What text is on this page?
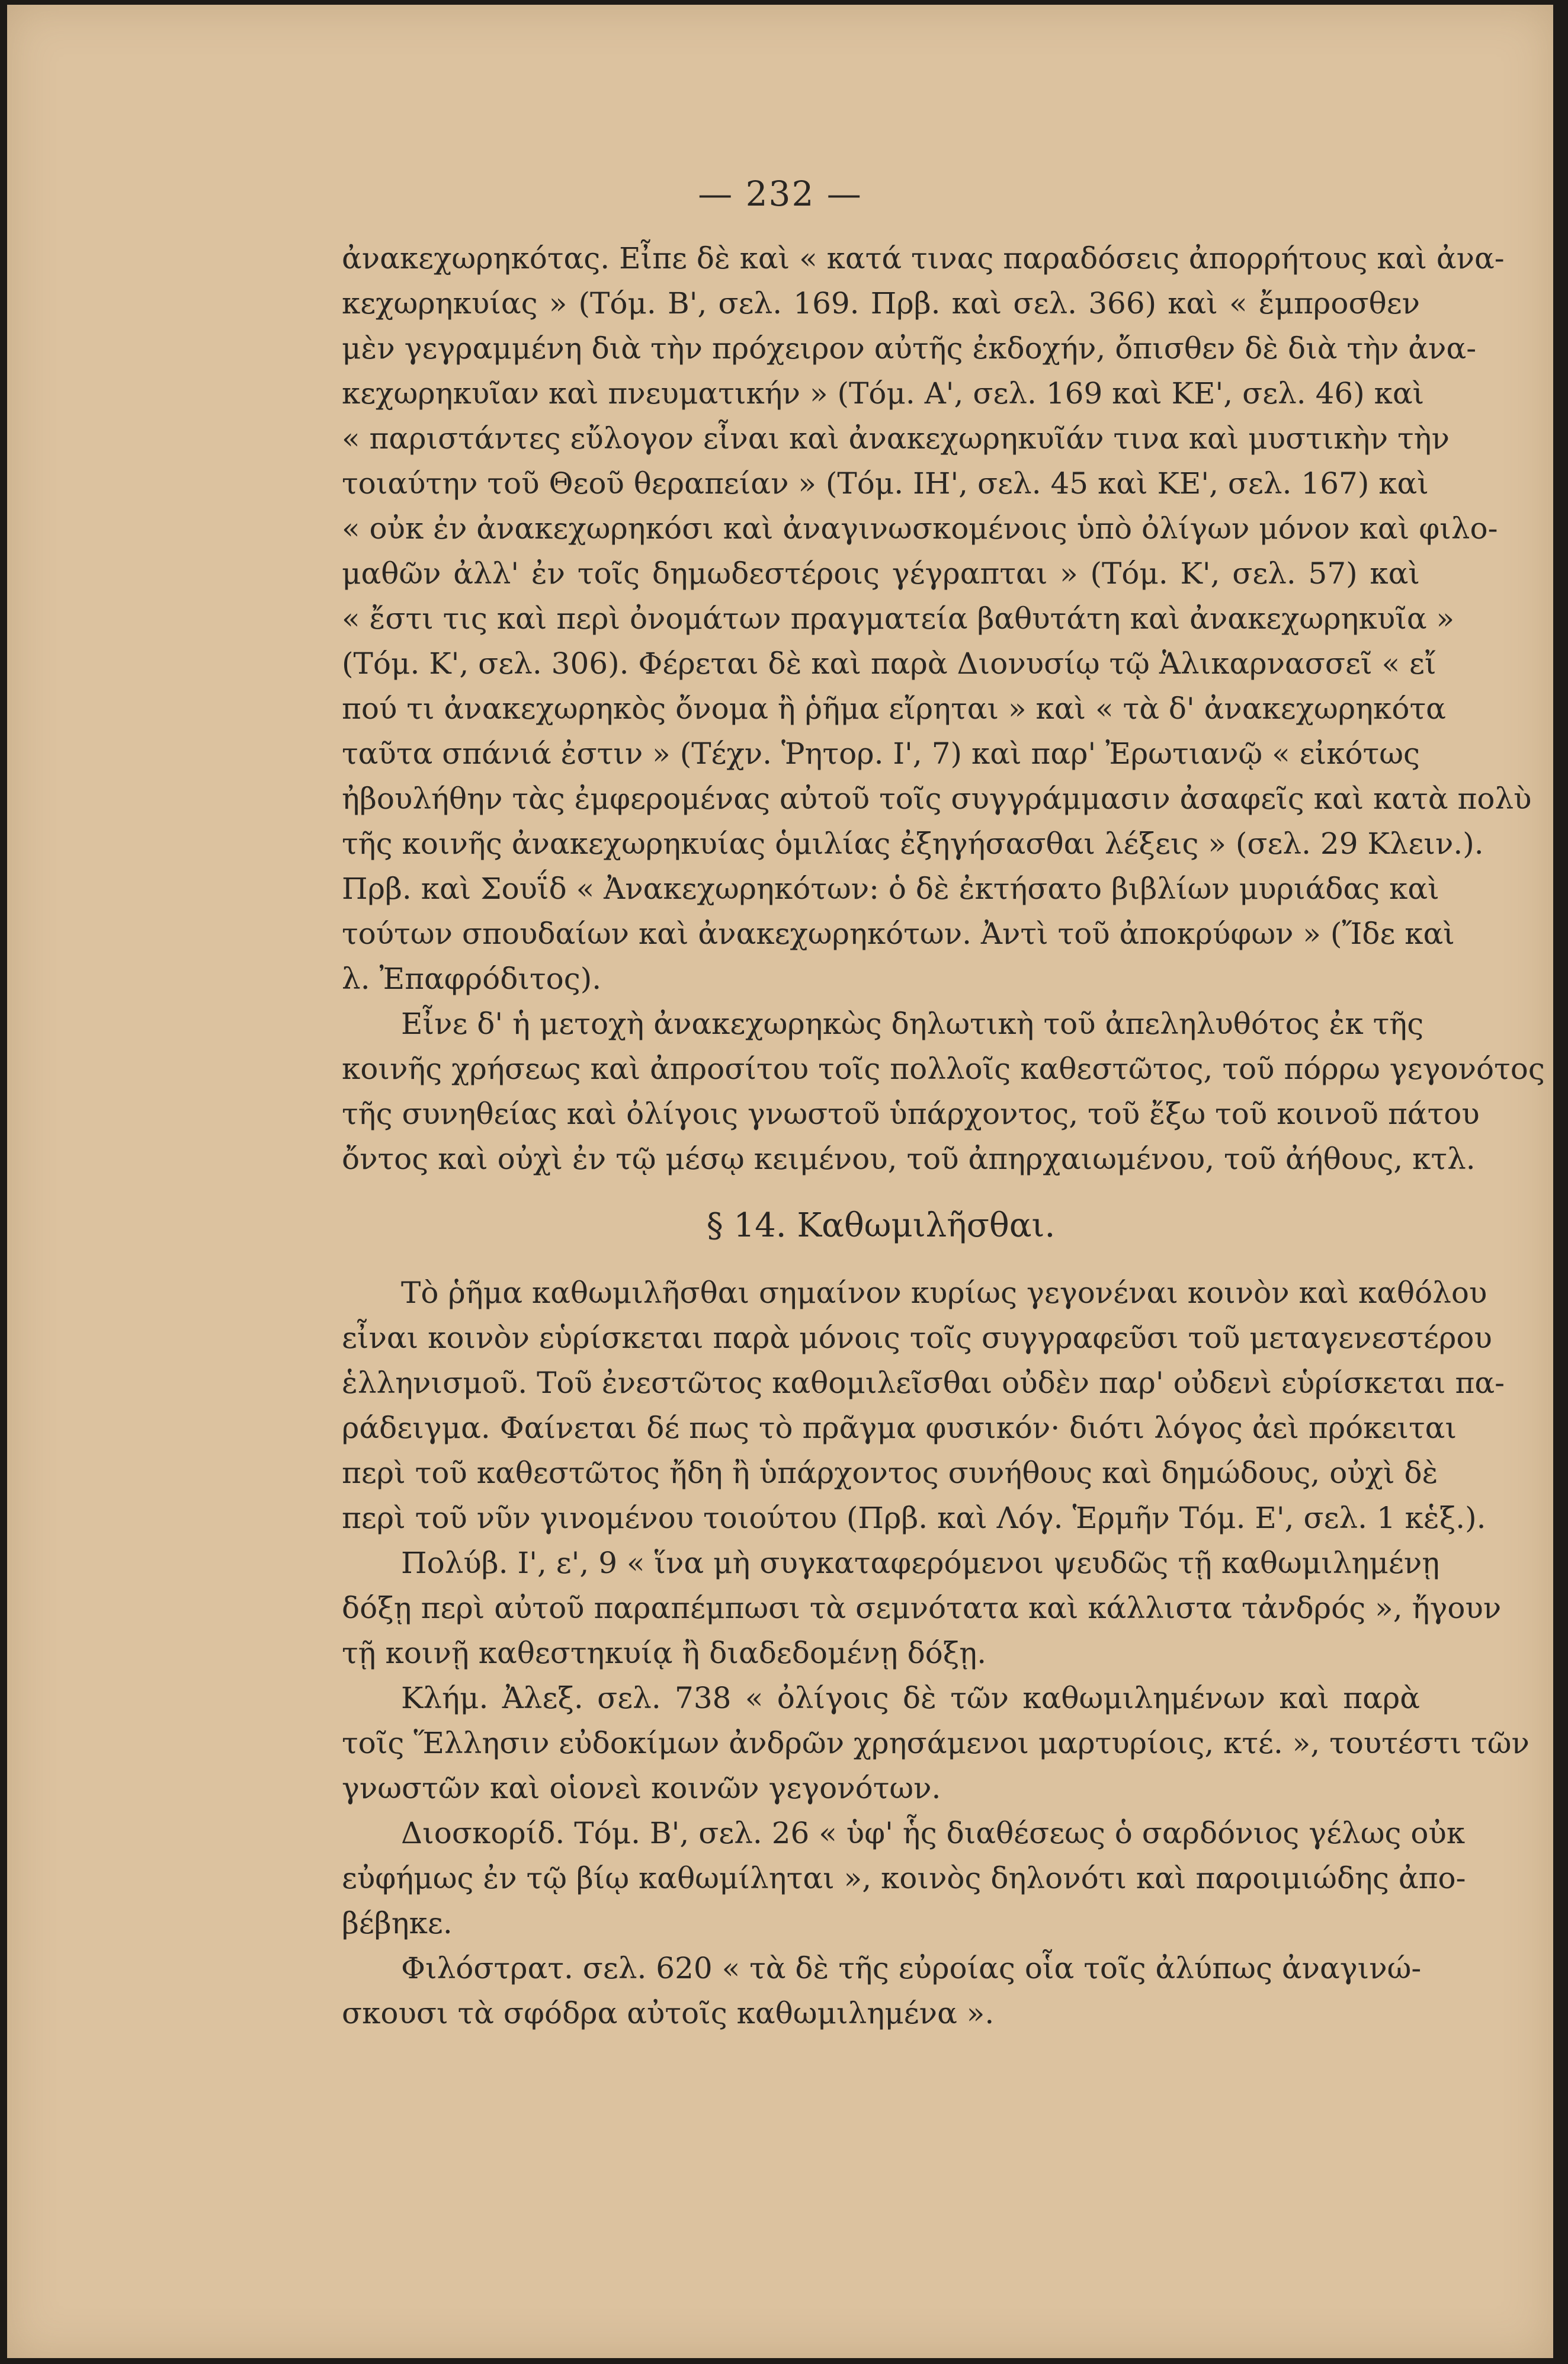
— 232 —
ἀνακεχωρηκότας. Εἶπε δὲ καὶ « κατά τινας παραδόσεις ἀπορρήτους καὶ ἀνα-
κεχωρηκυίας » (Τόμ. Β', σελ. 169. Πρβ. καὶ σελ. 366) καὶ « ἔμπροσθεν
μὲν γεγραμμένη διὰ τὴν πρόχειρον αὐτῆς ἐκδοχήν, ὄπισθεν δὲ διὰ τὴν ἀνα-
κεχωρηκυῖαν καὶ πνευματικήν » (Τόμ. Α', σελ. 169 καὶ ΚΕ', σελ. 46) καὶ
« παριστάντες εὔλογον εἶναι καὶ ἀνακεχωρηκυῖάν τινα καὶ μυστικὴν τὴν
τοιαύτην τοῦ Θεοῦ θεραπείαν » (Τόμ. ΙΗ', σελ. 45 καὶ ΚΕ', σελ. 167) καὶ
« οὐκ ἐν ἀνακεχωρηκόσι καὶ ἀναγινωσκομένοις ὑπὸ ὀλίγων μόνον καὶ φιλο-
μαθῶν ἀλλ' ἐν τοῖς δημωδεστέροις γέγραπται » (Τόμ. Κ', σελ. 57) καὶ
« ἔστι τις καὶ περὶ ὀνομάτων πραγματεία βαθυτάτη καὶ ἀνακεχωρηκυῖα »
(Τόμ. Κ', σελ. 306). Φέρεται δὲ καὶ παρὰ Διονυσίῳ τῷ Ἁλικαρνασσεῖ « εἴ
πού τι ἀνακεχωρηκὸς ὄνομα ἢ ῥῆμα εἴρηται » καὶ « τὰ δ' ἀνακεχωρηκότα
ταῦτα σπάνιά ἐστιν » (Τέχν. Ῥητορ. Ι', 7) καὶ παρ' Ἐρωτιανῷ « εἰκότως
ἠβουλήθην τὰς ἐμφερομένας αὐτοῦ τοῖς συγγράμμασιν ἀσαφεῖς καὶ κατὰ πολὺ
τῆς κοινῆς ἀνακεχωρηκυίας ὁμιλίας ἐξηγήσασθαι λέξεις » (σελ. 29 Κλειν.).
Πρβ. καὶ Σουΐδ « Ἀνακεχωρηκότων: ὁ δὲ ἐκτήσατο βιβλίων μυριάδας καὶ
τούτων σπουδαίων καὶ ἀνακεχωρηκότων. Ἀντὶ τοῦ ἀποκρύφων » (Ἴδε καὶ
λ. Ἐπαφρόδιτος).
Εἶνε δ' ἡ μετοχὴ ἀνακεχωρηκὼς δηλωτικὴ τοῦ ἀπεληλυθότος ἐκ τῆς
κοινῆς χρήσεως καὶ ἀπροσίτου τοῖς πολλοῖς καθεστῶτος, τοῦ πόρρω γεγονότος
τῆς συνηθείας καὶ ὀλίγοις γνωστοῦ ὑπάρχοντος, τοῦ ἔξω τοῦ κοινοῦ πάτου
ὄντος καὶ οὐχὶ ἐν τῷ μέσῳ κειμένου, τοῦ ἀπηρχαιωμένου, τοῦ ἀήθους, κτλ.
§ 14. Καθωμιλῆσθαι.
Τὸ ῥῆμα καθωμιλῆσθαι σημαίνον κυρίως γεγονέναι κοινὸν καὶ καθόλου
εἶναι κοινὸν εὑρίσκεται παρὰ μόνοις τοῖς συγγραφεῦσι τοῦ μεταγενεστέρου
ἑλληνισμοῦ. Τοῦ ἐνεστῶτος καθομιλεῖσθαι οὐδὲν παρ' οὐδενὶ εὑρίσκεται πα-
ράδειγμα. Φαίνεται δέ πως τὸ πρᾶγμα φυσικόν· διότι λόγος ἀεὶ πρόκειται
περὶ τοῦ καθεστῶτος ἤδη ἢ ὑπάρχοντος συνήθους καὶ δημώδους, οὐχὶ δὲ
περὶ τοῦ νῦν γινομένου τοιούτου (Πρβ. καὶ Λόγ. Ἑρμῆν Τόμ. Ε', σελ. 1 κἑξ.).
Πολύβ. Ι', ε', 9 « ἵνα μὴ συγκαταφερόμενοι ψευδῶς τῇ καθωμιλημένῃ
δόξῃ περὶ αὐτοῦ παραπέμπωσι τὰ σεμνότατα καὶ κάλλιστα τἀνδρός », ἤγουν
τῇ κοινῇ καθεστηκυίᾳ ἢ διαδεδομένῃ δόξῃ.
Κλήμ. Ἀλεξ. σελ. 738 « ὀλίγοις δὲ τῶν καθωμιλημένων καὶ παρὰ
τοῖς Ἕλλησιν εὐδοκίμων ἀνδρῶν χρησάμενοι μαρτυρίοις, κτέ. », τουτέστι τῶν
γνωστῶν καὶ οἱονεὶ κοινῶν γεγονότων.
Διοσκορίδ. Τόμ. Β', σελ. 26 « ὑφ' ἧς διαθέσεως ὁ σαρδόνιος γέλως οὐκ
εὐφήμως ἐν τῷ βίῳ καθωμίληται », κοινὸς δηλονότι καὶ παροιμιώδης ἀπο-
βέβηκε.
Φιλόστρατ. σελ. 620 « τὰ δὲ τῆς εὐροίας οἷα τοῖς ἀλύπως ἀναγινώ-
σκουσι τὰ σφόδρα αὐτοῖς καθωμιλημένα ».
